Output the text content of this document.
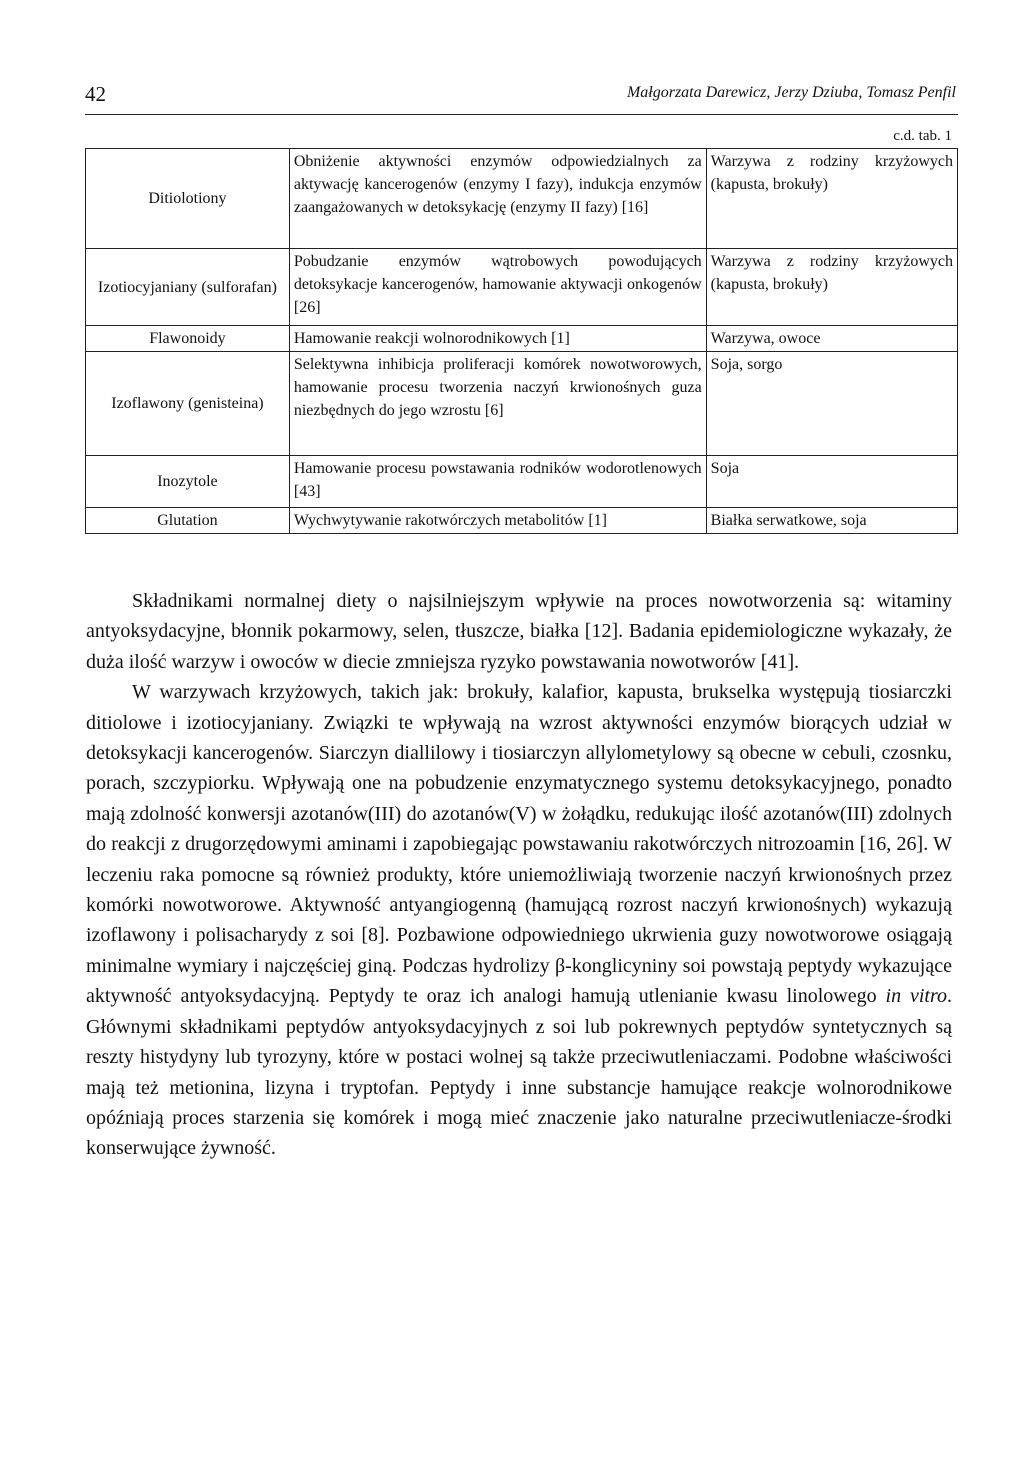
42	Małgorzata Darewicz, Jerzy Dziuba, Tomasz Penfil
c.d. tab. 1
Ditiolotiony	Obniżenie aktywności enzymów odpowiedzialnych za aktywację kancerogenów (enzymy I fazy), indukcja enzymów zaangażowanych w detoksykację (enzymy II fazy) [16]	Warzywa z rodziny krzyżowych (kapusta, brokuły)
Izotiocyjaniany (sulforafan)	Pobudzanie enzymów wątrobowych powodujących detoksykacje kancerogenów, hamowanie aktywacji onkogenów [26]	Warzywa z rodziny krzyżowych (kapusta, brokuły)
Flawonoidy	Hamowanie reakcji wolnorodnikowych [1]	Warzywa, owoce
Izoflawony (genisteina)	Selektywna inhibicja proliferacji komórek nowotworowych, hamowanie procesu tworzenia naczyń krwionośnych guza niezbędnych do jego wzrostu [6]	Soja, sorgo
Inozytole	Hamowanie procesu powstawania rodników wodorotlenowych [43]	Soja
Glutation	Wychwytywanie rakotwórczych metabolitów [1]	Białka serwatkowe, soja

Składnikami normalnej diety o najsilniejszym wpływie na proces nowotworzenia są: witaminy antyoksydacyjne, błonnik pokarmowy, selen, tłuszcze, białka [12]. Badania epidemiologiczne wykazały, że duża ilość warzyw i owoców w diecie zmniejsza ryzyko powstawania nowotworów [41].

W warzywach krzyżowych, takich jak: brokuły, kalafior, kapusta, brukselka występują tiosiarczki ditiolowe i izotiocyjaniany. Związki te wpływają na wzrost aktywności enzymów biorących udział w detoksykacji kancerogenów. Siarczyn diallilowy i tiosiarczyn allylometylowy są obecne w cebuli, czosnku, porach, szczypiorku. Wpływają one na pobudzenie enzymatycznego systemu detoksykacyjnego, ponadto mają zdolność konwersji azotanów(III) do azotanów(V) w żołądku, redukując ilość azotanów(III) zdolnych do reakcji z drugorzędowymi aminami i zapobiegając powstawaniu rakotwórczych nitrozoamin [16, 26]. W leczeniu raka pomocne są również produkty, które uniemożliwiają tworzenie naczyń krwionośnych przez komórki nowotworowe. Aktywność antyangiogenną (hamującą rozrost naczyń krwionośnych) wykazują izoflawony i polisacharydy z soi [8]. Pozbawione odpowiedniego ukrwienia guzy nowotworowe osiągają minimalne wymiary i najczęściej giną. Podczas hydrolizy β-konglicyniny soi powstają peptydy wykazujące aktywność antyoksydacyjną. Peptydy te oraz ich analogi hamują utlenianie kwasu linolowego in vitro. Głównymi składnikami peptydów antyoksydacyjnych z soi lub pokrewnych peptydów syntetycznych są reszty histydyny lub tyrozyny, które w postaci wolnej są także przeciwutleniaczami. Podobne właściwości mają też metionina, lizyna i tryptofan. Peptydy i inne substancje hamujące reakcje wolnorodnikowe opóźniają proces starzenia się komórek i mogą mieć znaczenie jako naturalne przeciwutleniacze-środki konserwujące żywność.
